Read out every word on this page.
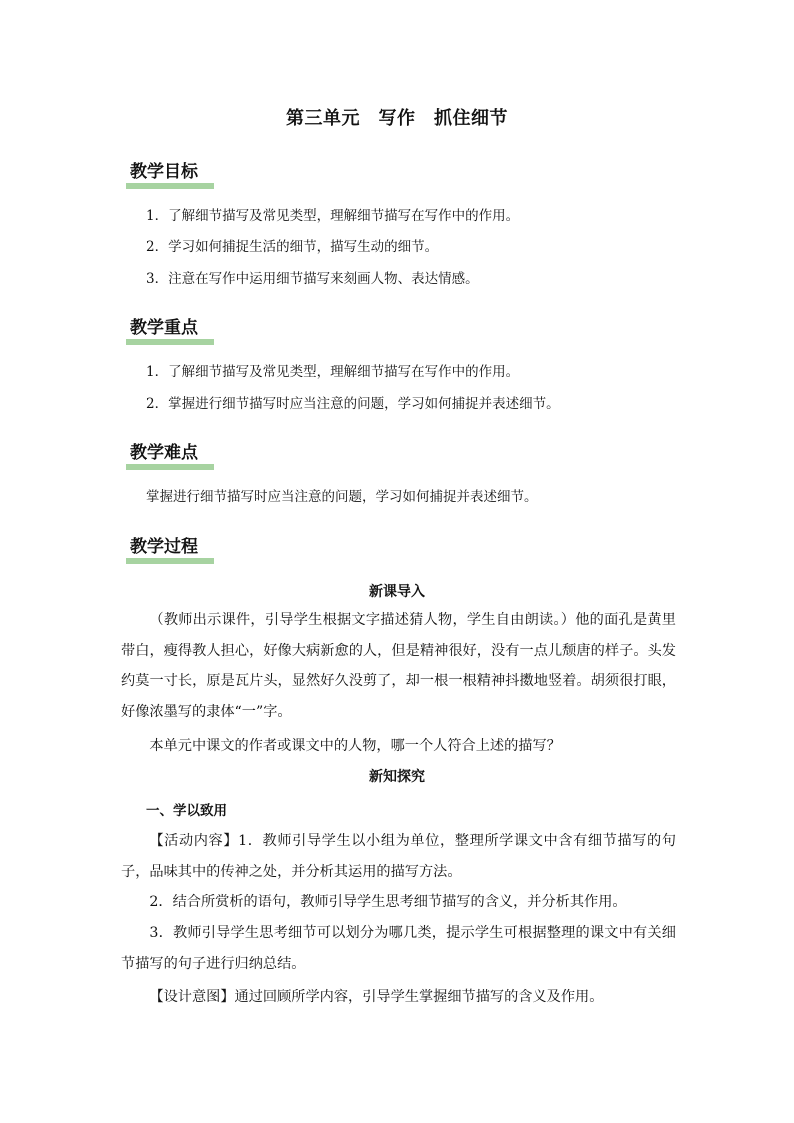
第三单元　写作　抓住细节
教学目标
1．了解细节描写及常见类型，理解细节描写在写作中的作用。
2．学习如何捕捉生活的细节，描写生动的细节。
3．注意在写作中运用细节描写来刻画人物、表达情感。
教学重点
1．了解细节描写及常见类型，理解细节描写在写作中的作用。
2．掌握进行细节描写时应当注意的问题，学习如何捕捉并表述细节。
教学难点
掌握进行细节描写时应当注意的问题，学习如何捕捉并表述细节。
教学过程
新课导入
（教师出示课件，引导学生根据文字描述猜人物，学生自由朗读。）他的面孔是黄里带白，瘦得教人担心，好像大病新愈的人，但是精神很好，没有一点儿颓唐的样子。头发约莫一寸长，原是瓦片头，显然好久没剪了，却一根一根精神抖擞地竖着。胡须很打眼，好像浓墨写的隶体“一”字。
本单元中课文的作者或课文中的人物，哪一个人符合上述的描写？
新知探究
一、学以致用
【活动内容】1．教师引导学生以小组为单位，整理所学课文中含有细节描写的句子，品味其中的传神之处，并分析其运用的描写方法。
2．结合所赏析的语句，教师引导学生思考细节描写的含义，并分析其作用。
3．教师引导学生思考细节可以划分为哪几类，提示学生可根据整理的课文中有关细节描写的句子进行归纳总结。
【设计意图】通过回顾所学内容，引导学生掌握细节描写的含义及作用。
